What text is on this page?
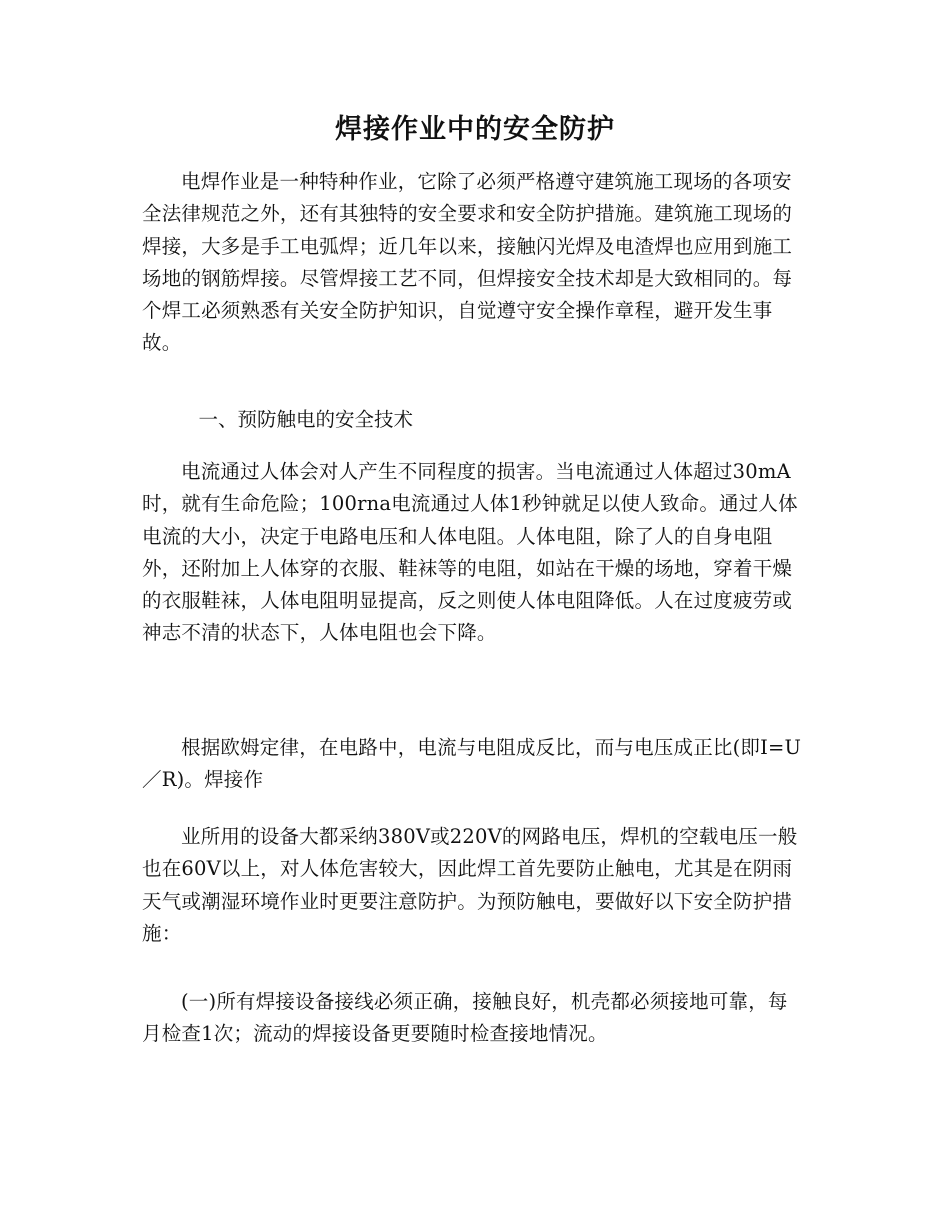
焊接作业中的安全防护

电焊作业是一种特种作业，它除了必须严格遵守建筑施工现场的各项安全法律规范之外，还有其独特的安全要求和安全防护措施。建筑施工现场的焊接，大多是手工电弧焊；近几年以来，接触闪光焊及电渣焊也应用到施工场地的钢筋焊接。尽管焊接工艺不同，但焊接安全技术却是大致相同的。每个焊工必须熟悉有关安全防护知识，自觉遵守安全操作章程，避开发生事故。

一、预防触电的安全技术

电流通过人体会对人产生不同程度的损害。当电流通过人体超过30mA时，就有生命危险；100rna电流通过人体1秒钟就足以使人致命。通过人体电流的大小，决定于电路电压和人体电阻。人体电阻，除了人的自身电阻外，还附加上人体穿的衣服、鞋袜等的电阻，如站在干燥的场地，穿着干燥的衣服鞋袜，人体电阻明显提高，反之则使人体电阻降低。人在过度疲劳或神志不清的状态下，人体电阻也会下降。

根据欧姆定律，在电路中，电流与电阻成反比，而与电压成正比(即I=U／R)。焊接作

业所用的设备大都采纳380V或220V的网路电压，焊机的空载电压一般也在60V以上，对人体危害较大，因此焊工首先要防止触电，尤其是在阴雨天气或潮湿环境作业时更要注意防护。为预防触电，要做好以下安全防护措施：

(一)所有焊接设备接线必须正确，接触良好，机壳都必须接地可靠，每月检查1次；流动的焊接设备更要随时检查接地情况。
